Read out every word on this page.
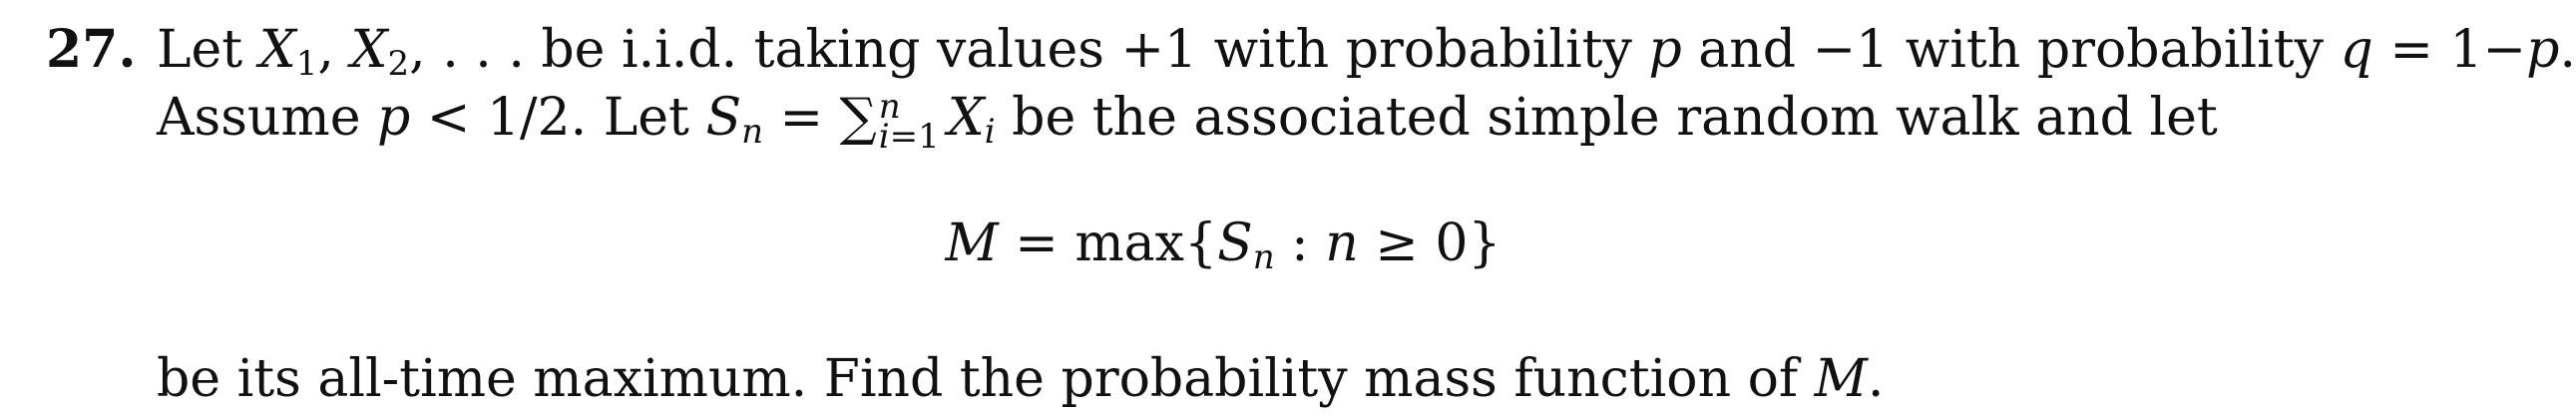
27. Let $X_1$, $X_2$, . . . be i.i.d. taking values +1 with probability p and −1 with probability q = 1−p.
Assume p < 1/2. Let $S_n$ = ∑ n
i=1 $X_i$ be the associated simple random walk and let
$M = \max\{S_n$ : n ≥ 0}
be its all-time maximum. Find the probability mass function of M.
